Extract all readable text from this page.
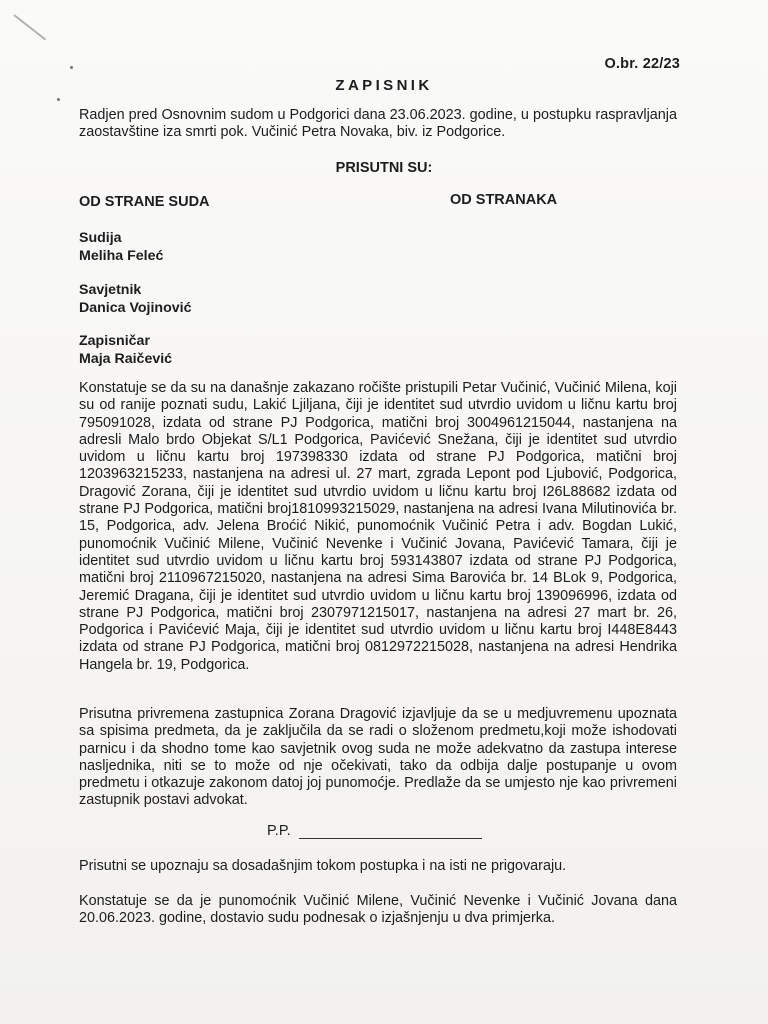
O.br. 22/23
ZAPISNIK
Radjen pred Osnovnim sudom u Podgorici dana 23.06.2023. godine, u postupku raspravljanja zaostavštine iza smrti pok. Vučinić Petra Novaka, biv. iz Podgorice.
PRISUTNI SU:
OD STRANE SUDA	OD STRANAKA
Sudija
Meliha Feleć
Savjetnik
Danica Vojinović
Zapisničar
Maja Raičević
Konstatuje se da su na današnje zakazano ročište pristupili Petar Vučinić, Vučinić Milena, koji su od ranije poznati sudu, Lakić Ljiljana, čiji je identitet sud utvrdio uvidom u ličnu kartu broj 795091028, izdata od strane PJ Podgorica, matični broj 3004961215044, nastanjena na adresli Malo brdo Objekat S/L1 Podgorica, Pavićević Snežana, čiji je identitet sud utvrdio uvidom u ličnu kartu broj 197398330 izdata od strane PJ Podgorica, matični broj 1203963215233, nastanjena na adresi ul. 27 mart, zgrada Lepont pod Ljubović, Podgorica, Dragović Zorana, čiji je identitet sud utvrdio uvidom u ličnu kartu broj I26L88682 izdata od strane PJ Podgorica, matični broj1810993215029, nastanjena na adresi Ivana Milutinovića br. 15, Podgorica, adv. Jelena Broćić Nikić, punomoćnik Vučinić Petra i adv. Bogdan Lukić, punomoćnik Vučinić Milene, Vučinić Nevenke i Vučinić Jovana, Pavićević Tamara, čiji je identitet sud utvrdio uvidom u ličnu kartu broj 593143807 izdata od strane PJ Podgorica, matični broj 2110967215020, nastanjena na adresi Sima Barovića br. 14 BLok 9, Podgorica, Jeremić Dragana, čiji je identitet sud utvrdio uvidom u ličnu kartu broj 139096996, izdata od strane PJ Podgorica, matični broj 2307971215017, nastanjena na adresi 27 mart br. 26, Podgorica i Pavićević Maja, čiji je identitet sud utvrdio uvidom u ličnu kartu broj I448E8443 izdata od strane PJ Podgorica, matični broj 0812972215028, nastanjena na adresi Hendrika Hangela br. 19, Podgorica.
Prisutna privremena zastupnica Zorana Dragović izjavljuje da se u medjuvremenu upoznata sa spisima predmeta, da je zaključila da se radi o složenom predmetu,koji može ishodovati parnicu i da shodno tome kao savjetnik ovog suda ne može adekvatno da zastupa interese nasljednika, niti se to može od nje očekivati, tako da odbija dalje postupanje u ovom predmetu i otkazuje zakonom datoj joj punomoćje. Predlaže da se umjesto nje kao privremeni zastupnik postavi advokat.
P.P.
Prisutni se upoznaju sa dosadašnjim tokom postupka i na isti ne prigovaraju.
Konstatuje se da je punomoćnik Vučinić Milene, Vučinić Nevenke i Vučinić Jovana dana 20.06.2023. godine, dostavio sudu podnesak o izjašnjenju u dva primjerka.
